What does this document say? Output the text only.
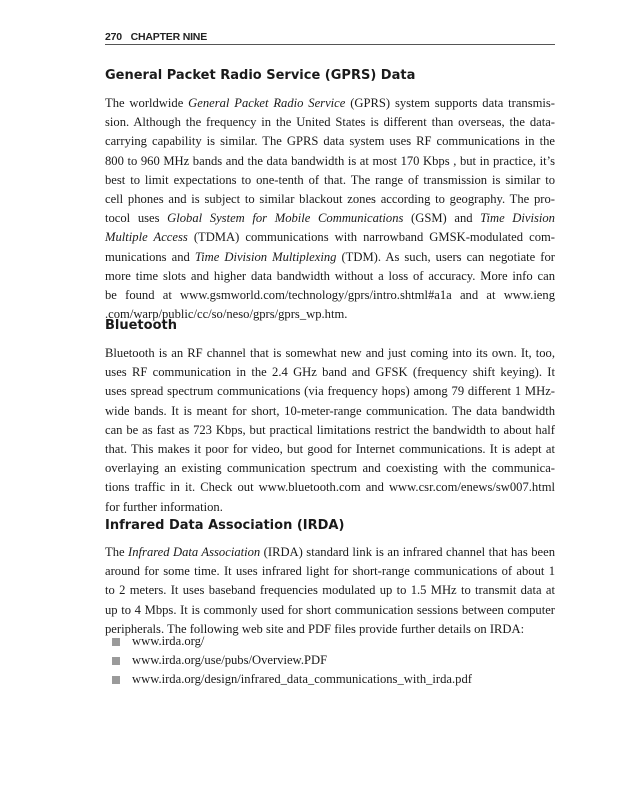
270 CHAPTER NINE
General Packet Radio Service (GPRS) Data

The worldwide General Packet Radio Service (GPRS) system supports data transmis-
sion. Although the frequency in the United States is different than overseas, the data-
carrying capability is similar. The GPRS data system uses RF communications in the
800 to 960 MHz bands and the data bandwidth is at most 170 Kbps , but in practice, it’s
best to limit expectations to one-tenth of that. The range of transmission is similar to
cell phones and is subject to similar blackout zones according to geography. The pro-
tocol uses Global System for Mobile Communications (GSM) and Time Division
Multiple Access (TDMA) communications with narrowband GMSK-modulated com-
munications and Time Division Multiplexing (TDM). As such, users can negotiate for
more time slots and higher data bandwidth without a loss of accuracy. More info can
be found at www.gsmworld.com/technology/gprs/intro.shtml#a1a and at www.ieng
.com/warp/public/cc/so/neso/gprs/gprs_wp.htm.

Bluetooth

Bluetooth is an RF channel that is somewhat new and just coming into its own. It, too,
uses RF communication in the 2.4 GHz band and GFSK (frequency shift keying). It
uses spread spectrum communications (via frequency hops) among 79 different 1 MHz-
wide bands. It is meant for short, 10-meter-range communication. The data bandwidth
can be as fast as 723 Kbps, but practical limitations restrict the bandwidth to about half
that. This makes it poor for video, but good for Internet communications. It is adept at
overlaying an existing communication spectrum and coexisting with the communica-
tions traffic in it. Check out www.bluetooth.com and www.csr.com/enews/sw007.html
for further information.

Infrared Data Association (IRDA)

The Infrared Data Association (IRDA) standard link is an infrared channel that has been
around for some time. It uses infrared light for short-range communications of about 1
to 2 meters. It uses baseband frequencies modulated up to 1.5 MHz to transmit data at
up to 4 Mbps. It is commonly used for short communication sessions between computer
peripherals. The following web site and PDF files provide further details on IRDA:

www.irda.org/
www.irda.org/use/pubs/Overview.PDF
www.irda.org/design/infrared_data_communications_with_irda.pdf
